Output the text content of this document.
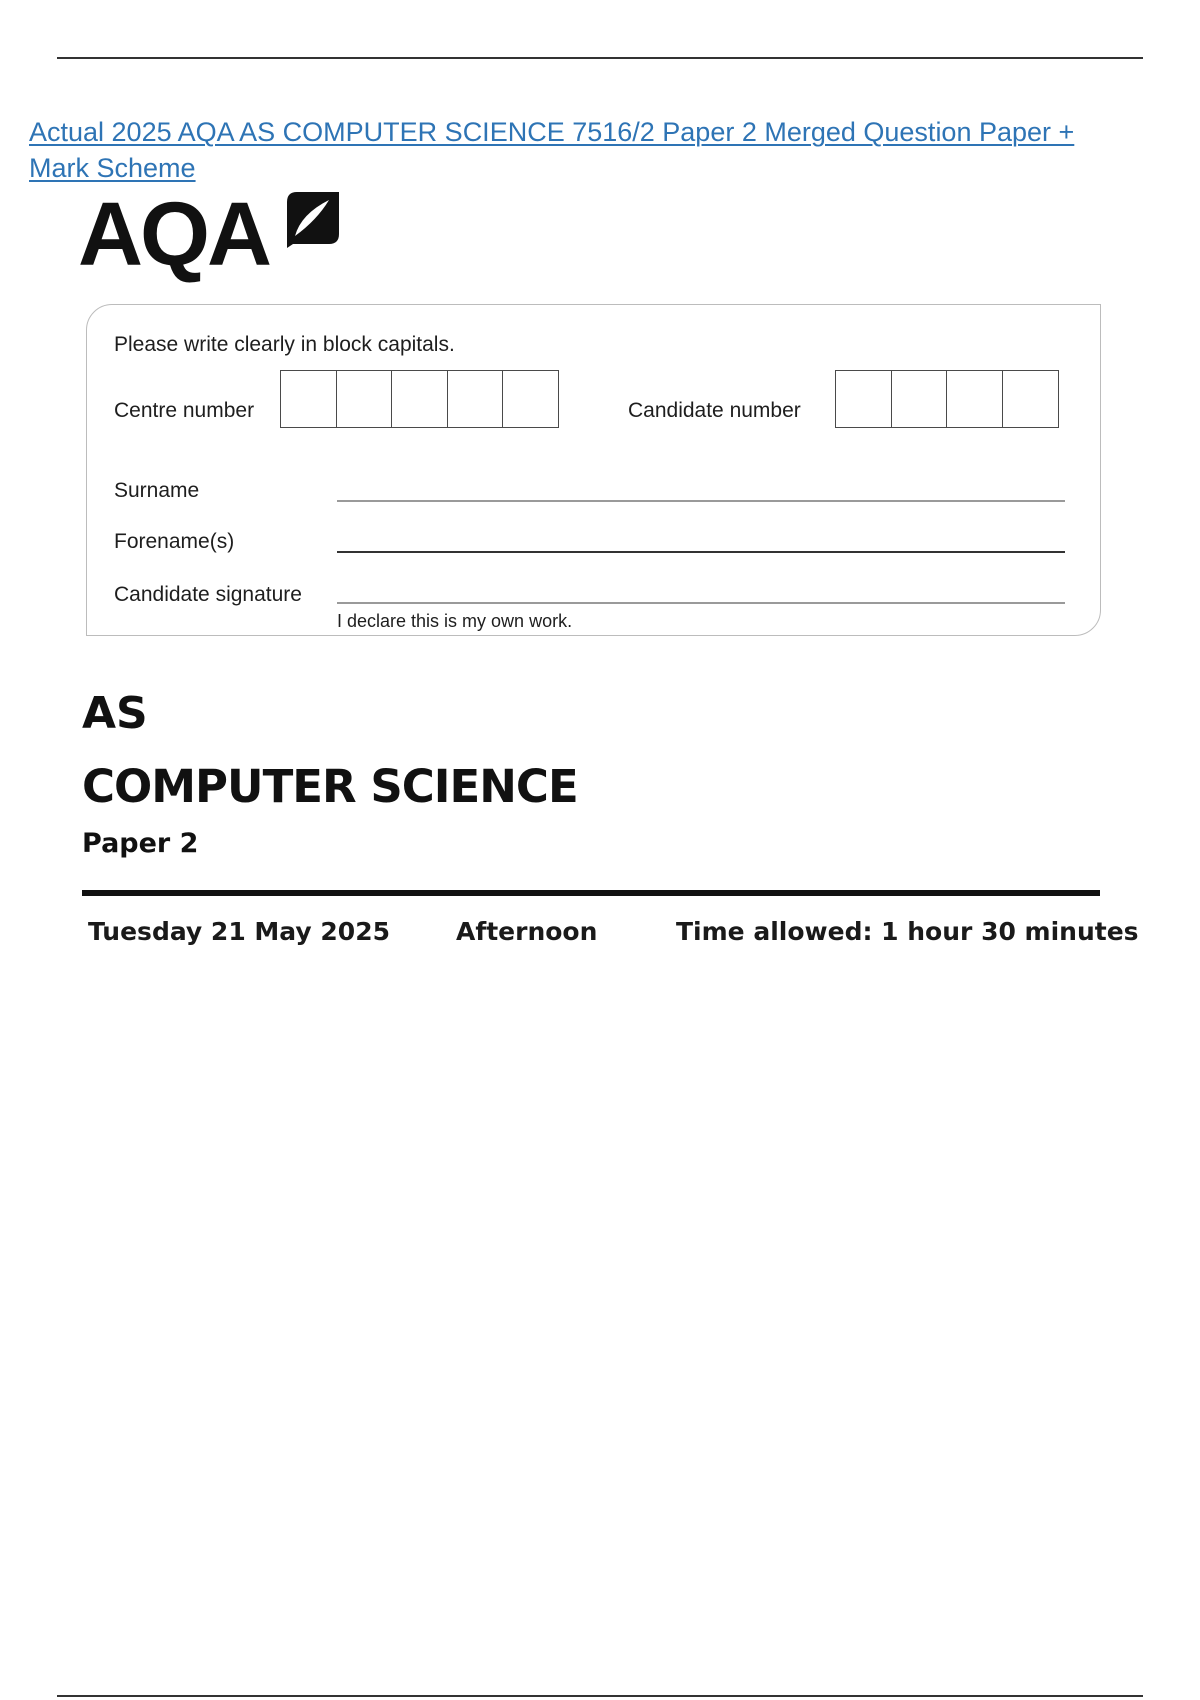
Actual 2025 AQA AS COMPUTER SCIENCE 7516/2 Paper 2 Merged Question Paper + Mark Scheme
AQA
Please write clearly in block capitals.
Centre number	Candidate number
Surname
Forename(s)
Candidate signature
I declare this is my own work.
AS
COMPUTER SCIENCE
Paper 2
Tuesday 21 May 2025	Afternoon	Time allowed: 1 hour 30 minutes
